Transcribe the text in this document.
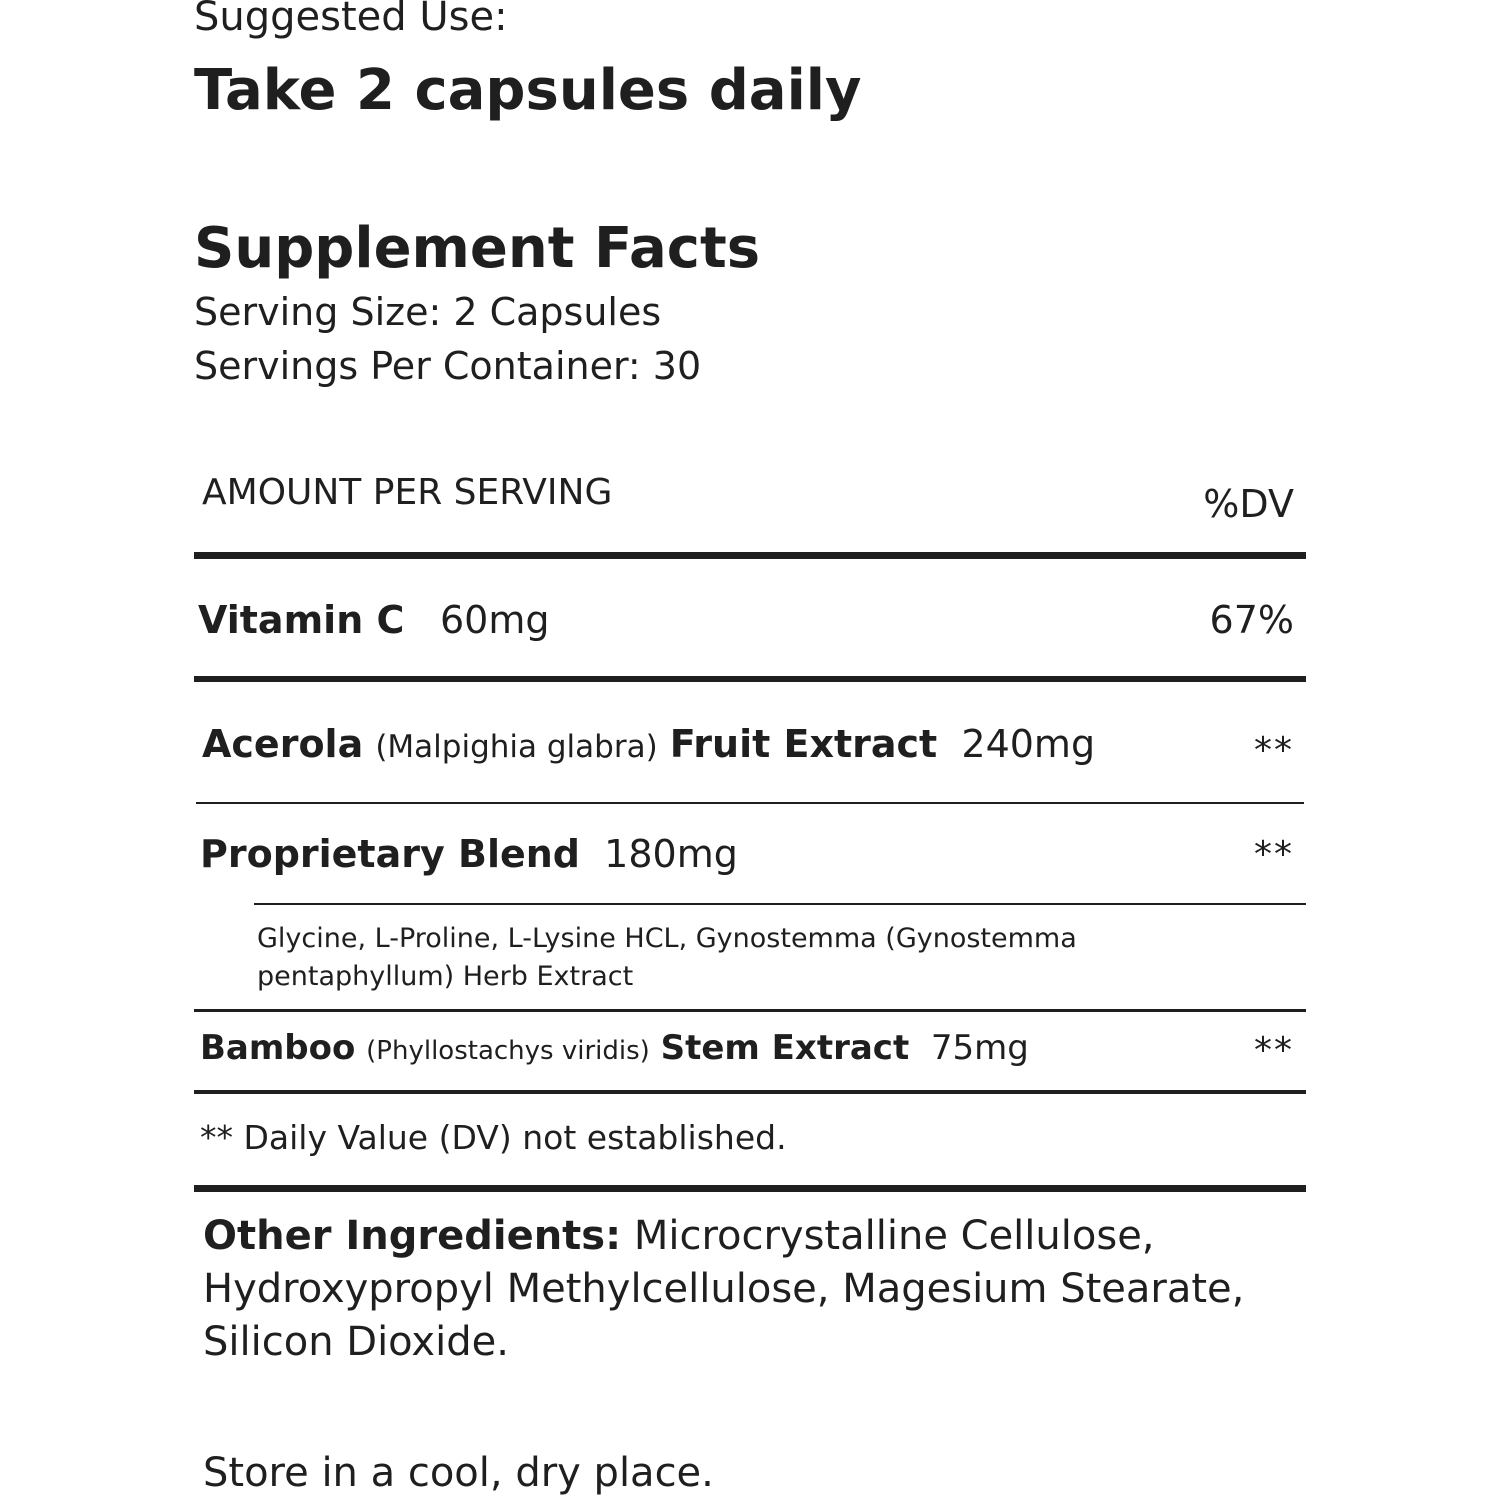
Suggested Use:
Take 2 capsules daily
Supplement Facts
Serving Size: 2 Capsules
Servings Per Container: 30
AMOUNT PER SERVING	%DV
Vitamin C 60mg	67%
Acerola (Malpighia glabra) Fruit Extract 240mg	**
Proprietary Blend 180mg	**
Glycine, L-Proline, L-Lysine HCL, Gynostemma (Gynostemma pentaphyllum) Herb Extract
Bamboo (Phyllostachys viridis) Stem Extract 75mg	**
** Daily Value (DV) not established.
Other Ingredients: Microcrystalline Cellulose, Hydroxypropyl Methylcellulose, Magesium Stearate, Silicon Dioxide.
Store in a cool, dry place.
